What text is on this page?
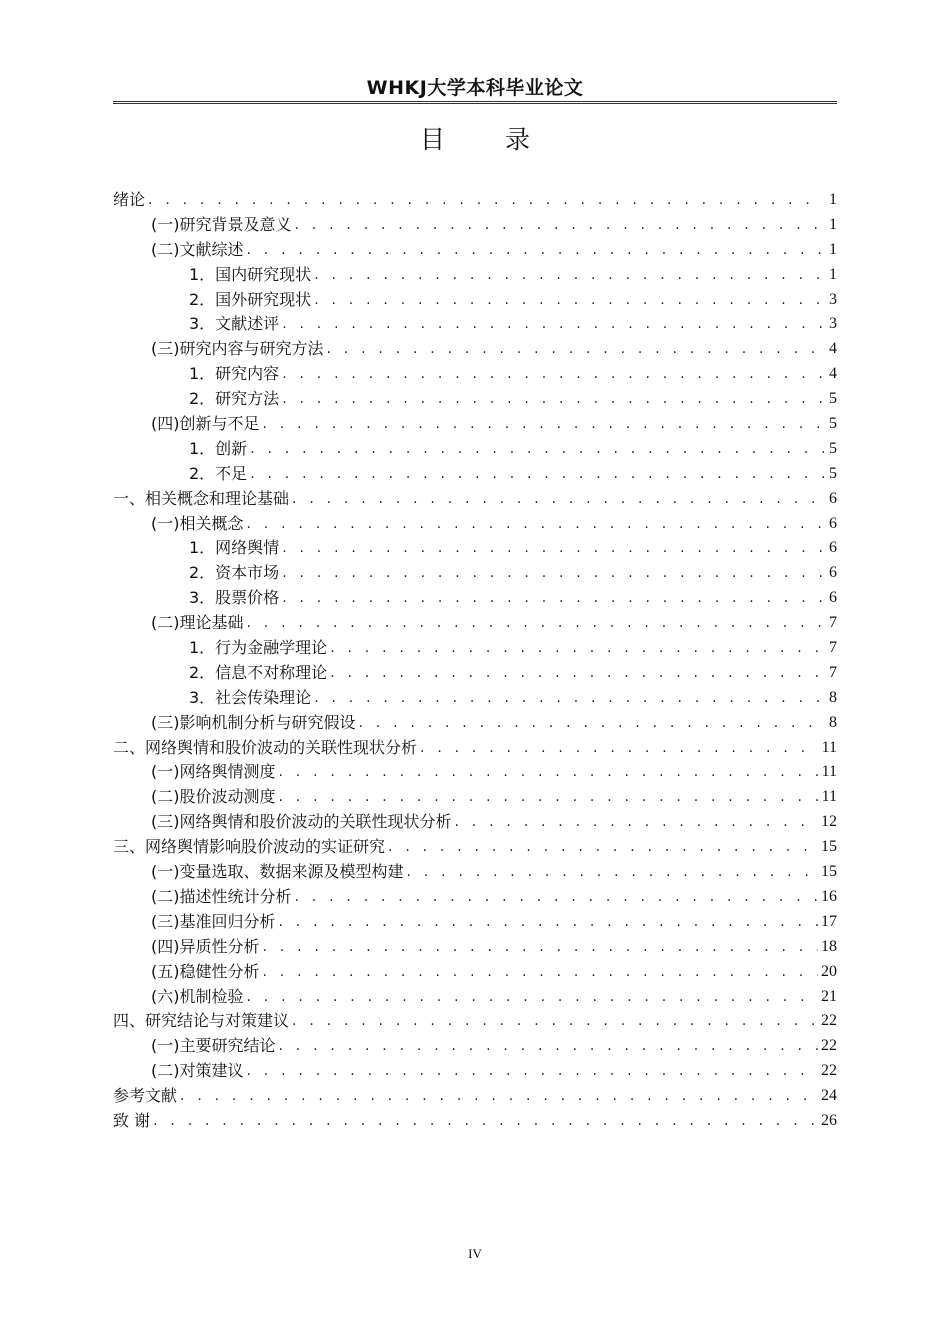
WHKJ大学本科毕业论文
目 录
绪论 . . .	1
(一)研究背景及意义 . . .	1
(二)文献综述 . . .	1
1．国内研究现状 . . .	1
2．国外研究现状 . . .	3
3．文献述评 . . .	3
(三)研究内容与研究方法 . . .	4
1．研究内容 . . .	4
2．研究方法 . . .	5
(四)创新与不足 . . .	5
1．创新 . . .	5
2．不足 . . .	5
一、相关概念和理论基础 . . .	6
(一)相关概念 . . .	6
1．网络舆情 . . .	6
2．资本市场 . . .	6
3．股票价格 . . .	6
(二)理论基础 . . .	7
1．行为金融学理论 . . .	7
2．信息不对称理论 . . .	7
3．社会传染理论 . . .	8
(三)影响机制分析与研究假设 . . .	8
二、网络舆情和股价波动的关联性现状分析 . . .	11
(一)网络舆情测度 . . .	11
(二)股价波动测度 . . .	11
(三)网络舆情和股价波动的关联性现状分析 . . .	12
三、网络舆情影响股价波动的实证研究 . . .	15
(一)变量选取、数据来源及模型构建 . . .	15
(二)描述性统计分析 . . .	16
(三)基准回归分析 . . .	17
(四)异质性分析 . . .	18
(五)稳健性分析 . . .	20
(六)机制检验 . . .	21
四、研究结论与对策建议 . . .	22
(一)主要研究结论 . . .	22
(二)对策建议 . . .	22
参考文献 . . .	24
致 谢 . . .	26
IV
